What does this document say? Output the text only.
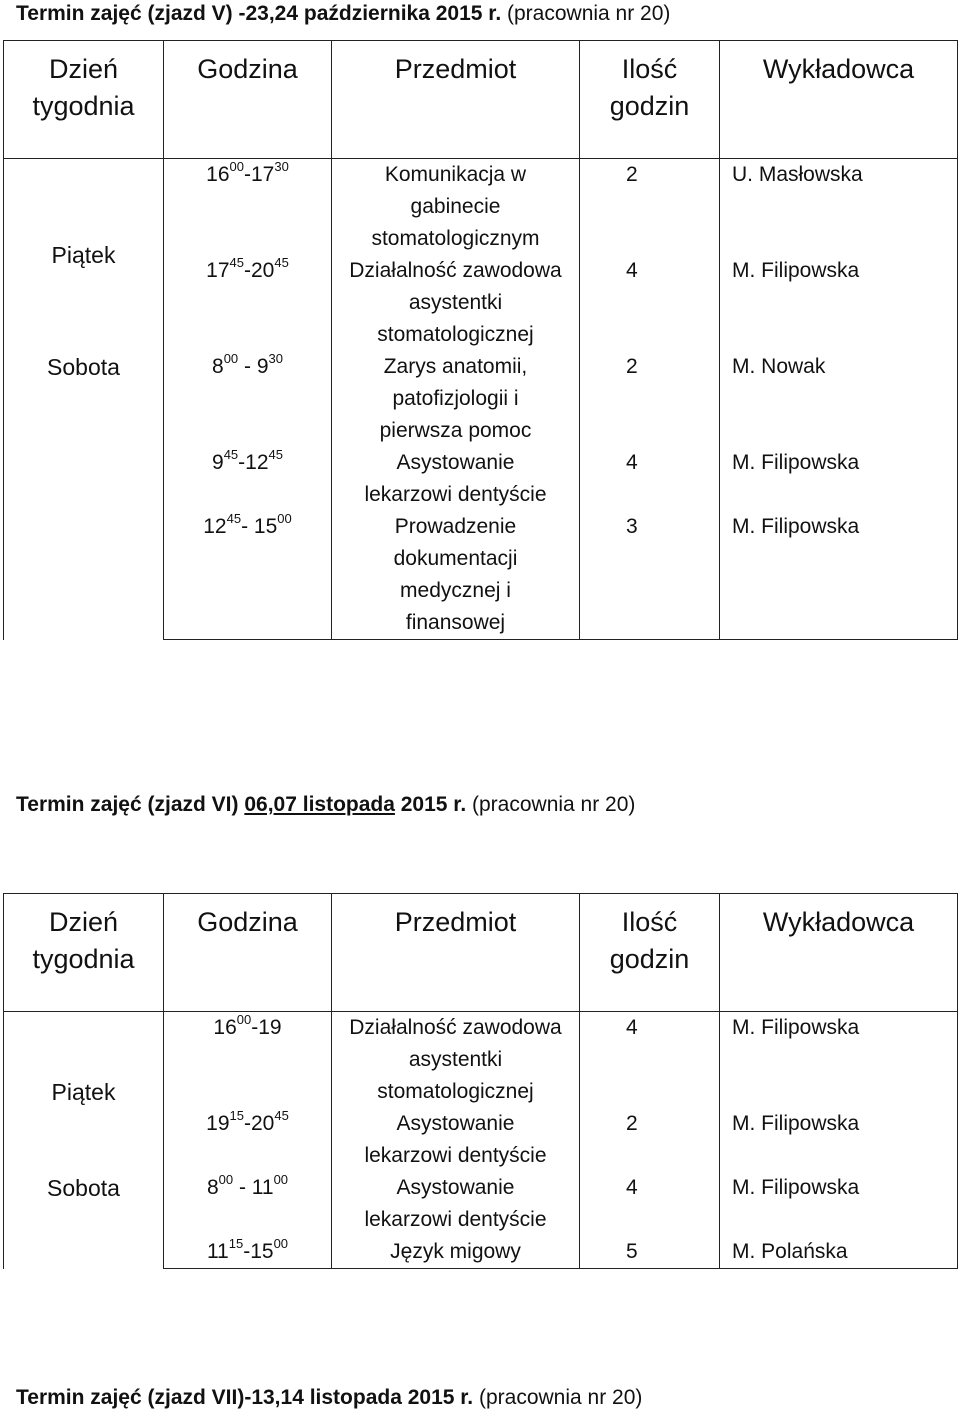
Termin zajęć (zjazd V) -23,24 października 2015 r. (pracownia nr 20)
Dzień
tygodnia	Godzina	Przedmiot	Ilość
godzin	Wykładowca
Piątek	$16^{00}-17^{30}$	Komunikacja w
gabinecie
stomatologicznym	2	U. Masłowska
	$17^{45}-20^{45}$	Działalność zawodowa
asystentki
stomatologicznej	4	M. Filipowska
Sobota	$8^{00} - 9^{30}$	Zarys anatomii,
patofizjologii i
pierwsza pomoc	2	M. Nowak
	$9^{45}-12^{45}$	Asystowanie
lekarzowi dentyście	4	M. Filipowska
	$12^{45}-$ $15^{00}$	Prowadzenie
dokumentacji
medycznej i
finansowej	3	M. Filipowska
Termin zajęć (zjazd VI) 06,07 listopada 2015 r. (pracownia nr 20)
Dzień
tygodnia	Godzina	Przedmiot	Ilość
godzin	Wykładowca
Piątek	$16^{00}-19$	Działalność zawodowa
asystentki
stomatologicznej	4	M. Filipowska
	$19^{15}-20^{45}$	Asystowanie
lekarzowi dentyście	2	M. Filipowska
Sobota	$8^{00} - 11^{00}$	Asystowanie
lekarzowi dentyście	4	M. Filipowska
	$11^{15}-15^{00}$	Język migowy	5	M. Polańska
Termin zajęć (zjazd VII)-13,14 listopada 2015 r. (pracownia nr 20)
